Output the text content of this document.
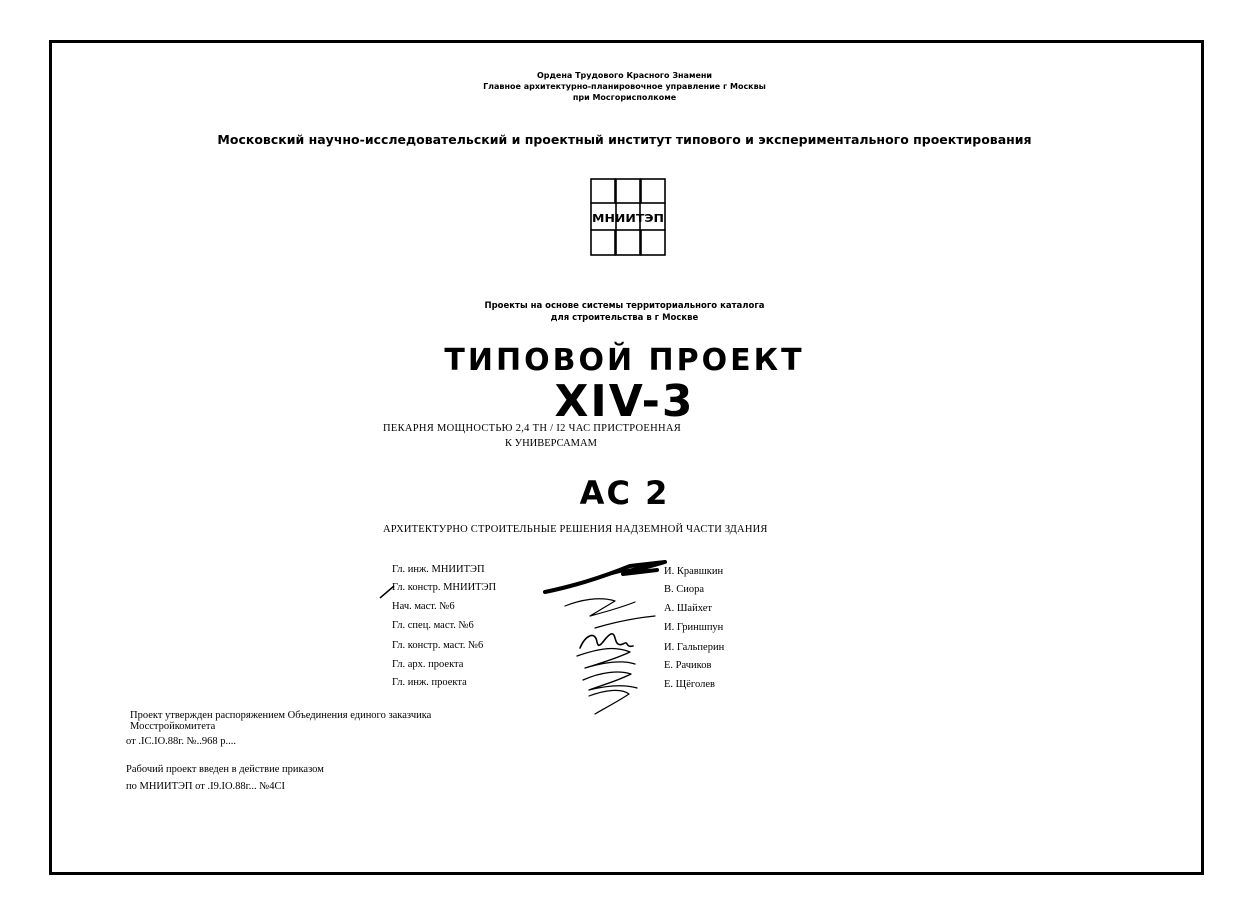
Ордена Трудового Красного Знамени
Главное архитектурно-планировочное управление г Москвы
при Мосгорисполкоме
Московский научно-исследовательский и проектный институт типового и экспериментального проектирования
МНИИТЭП
Проекты на основе системы территориального каталога
для строительства в г Москве
ТИПОВОЙ ПРОЕКТ
XIV-3
ПЕКАРНЯ МОЩНОСТЬЮ 2,4 ТН / I2 ЧАС ПРИСТРОЕННАЯ
К УНИВЕРСАМАМ
АС 2
АРХИТЕКТУРНО СТРОИТЕЛЬНЫЕ РЕШЕНИЯ НАДЗЕМНОЙ ЧАСТИ ЗДАНИЯ
Гл. инж. МНИИТЭП	И. Кравшкин
Гл. констр. МНИИТЭП	В. Сиора
Нач. маст. №6	А. Шайхет
Гл. спец. маст. №6	И. Гриншпун
Гл. констр. маст. №6	И. Гальперин
Гл. арх. проекта	Е. Рачиков
Гл. инж. проекта	Е. Щёголев
Проект утвержден распоряжением Объединения единого заказчика
Мосстройкомитета
от .IC.IO.88г. №..968 р....
Рабочий проект введен в действие приказом
по МНИИТЭП от .I9.IO.88г... №4CI
